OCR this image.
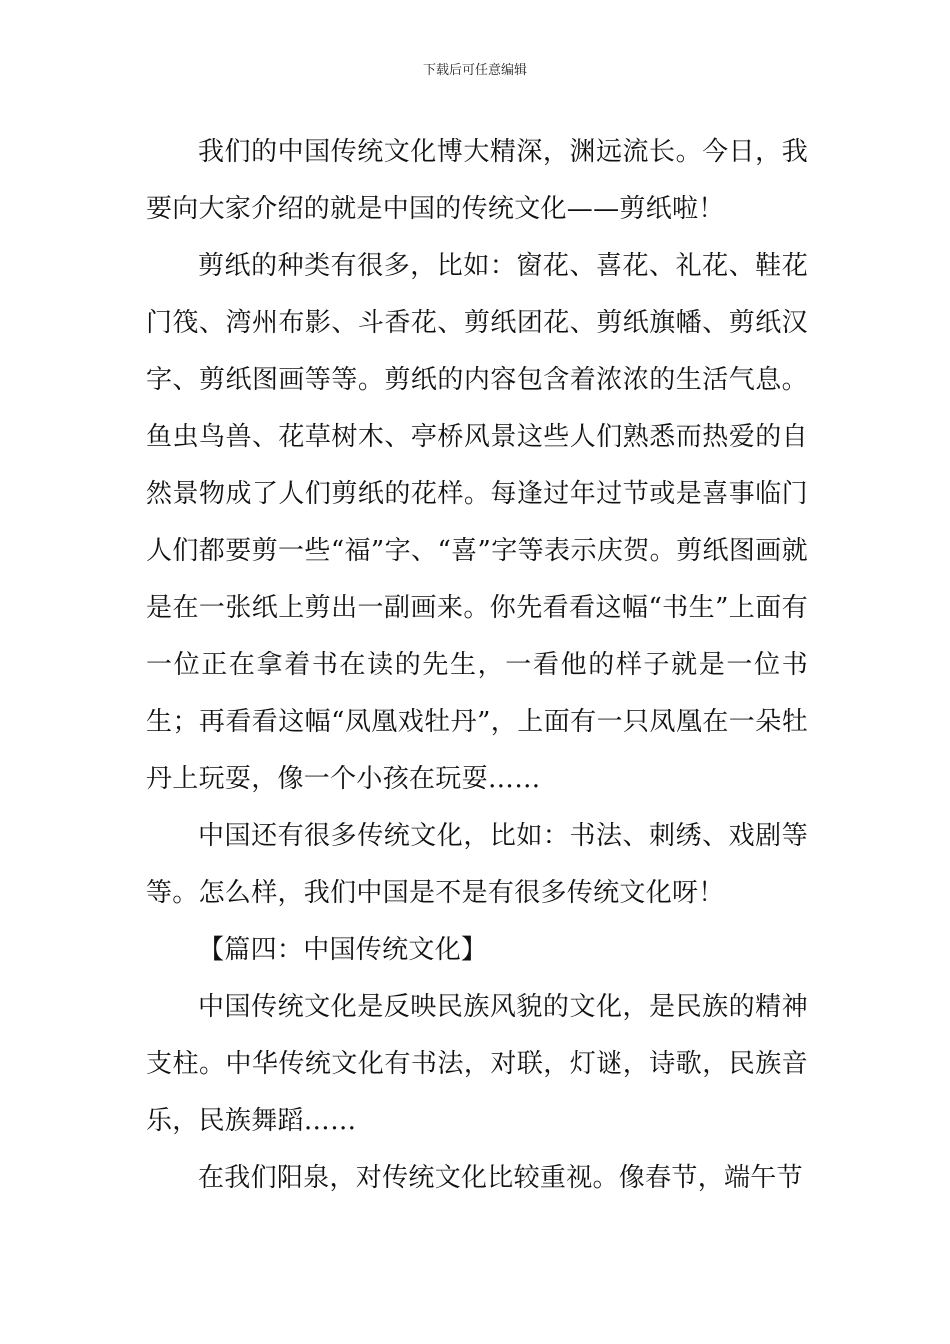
下载后可任意编辑

我们的中国传统文化博大精深，渊远流长。今日，我要向大家介绍的就是中国的传统文化——剪纸啦！

剪纸的种类有很多，比如：窗花、喜花、礼花、鞋花门筏、湾州布影、斗香花、剪纸团花、剪纸旗幡、剪纸汉字、剪纸图画等等。剪纸的内容包含着浓浓的生活气息。鱼虫鸟兽、花草树木、亭桥风景这些人们熟悉而热爱的自然景物成了人们剪纸的花样。每逢过年过节或是喜事临门人们都要剪一些“福”字、“喜”字等表示庆贺。剪纸图画就是在一张纸上剪出一副画来。你先看看这幅“书生”上面有一位正在拿着书在读的先生，一看他的样子就是一位书生；再看看这幅“凤凰戏牡丹”，上面有一只凤凰在一朵牡丹上玩耍，像一个小孩在玩耍……

中国还有很多传统文化，比如：书法、刺绣、戏剧等等。怎么样，我们中国是不是有很多传统文化呀！

【篇四：中国传统文化】

中国传统文化是反映民族风貌的文化，是民族的精神支柱。中华传统文化有书法，对联，灯谜，诗歌，民族音乐，民族舞蹈……

在我们阳泉，对传统文化比较重视。像春节，端午节
